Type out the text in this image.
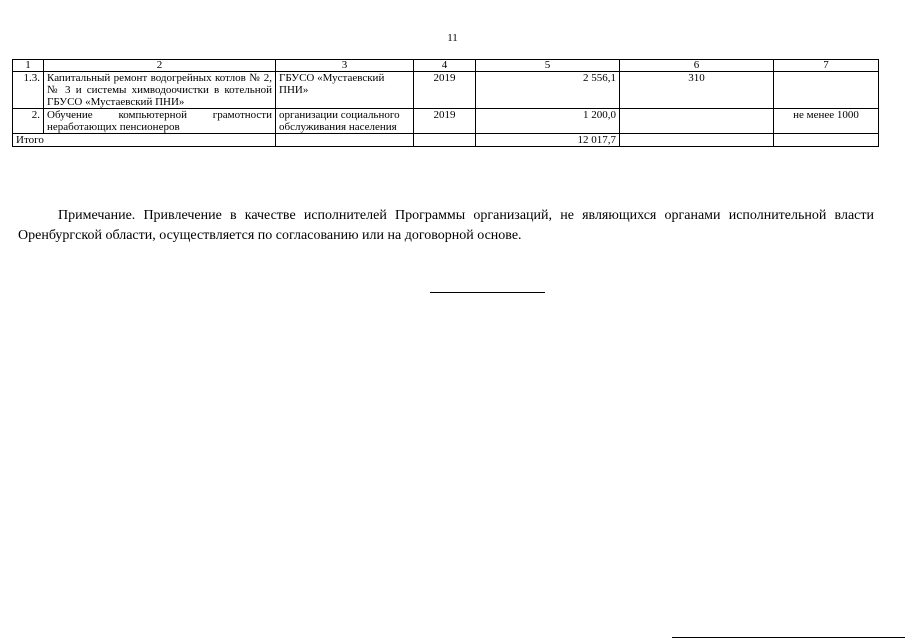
11
1	2	3	4	5	6	7
1.3.	Капитальный ремонт водогрейных котлов № 2, № 3 и системы химводоочистки в котельной ГБУСО «Мустаевский ПНИ»	ГБУСО «Мустаевский ПНИ»	2019	2 556,1	310	
2.	Обучение компьютерной грамотности неработающих пенсионеров	организации социального обслуживания населения	2019	1 200,0		не менее 1000
Итого				12 017,7		
Примечание. Привлечение в качестве исполнителей Программы организаций, не являющихся органами исполнительной власти Оренбургской области, осуществляется по согласованию или на договорной основе.
